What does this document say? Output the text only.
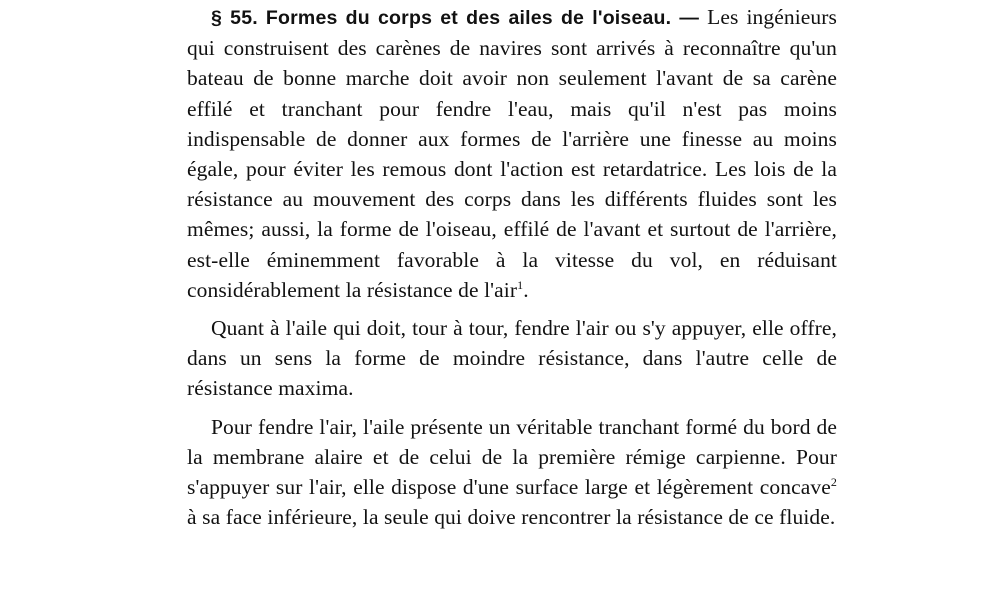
§ 55. Formes du corps et des ailes de l'oiseau. — Les ingénieurs qui construisent des carènes de navires sont arrivés à reconnaître qu'un bateau de bonne marche doit avoir non seulement l'avant de sa carène effilé et tranchant pour fendre l'eau, mais qu'il n'est pas moins indispensable de donner aux formes de l'arrière une finesse au moins égale, pour éviter les remous dont l'action est retardatrice. Les lois de la résistance au mouvement des corps dans les différents fluides sont les mêmes; aussi, la forme de l'oiseau, effilé de l'avant et surtout de l'arrière, est-elle éminemment favorable à la vitesse du vol, en réduisant considérablement la résistance de l'air$^1$.

Quant à l'aile qui doit, tour à tour, fendre l'air ou s'y appuyer, elle offre, dans un sens la forme de moindre résistance, dans l'autre celle de résistance maxima.

Pour fendre l'air, l'aile présente un véritable tranchant formé du bord de la membrane alaire et de celui de la première rémige carpienne. Pour s'appuyer sur l'air, elle dispose d'une surface large et légèrement concave$^2$ à sa face inférieure, la seule qui doive rencontrer la résistance de ce fluide.
